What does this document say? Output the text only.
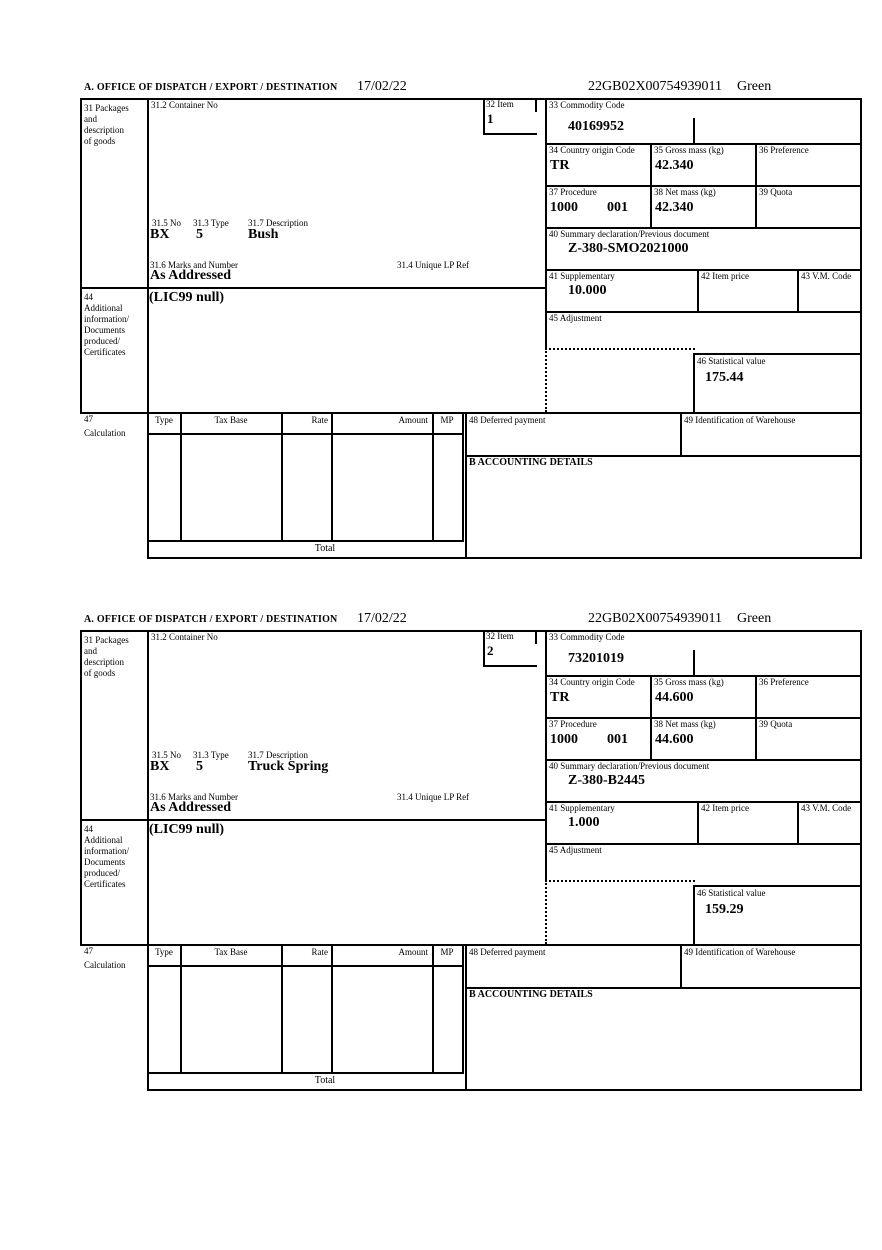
A. OFFICE OF DISPATCH / EXPORT / DESTINATION 17/02/22	22GB02X00754939011 Green
31 Packages
and
description
of goods
31.2 Container No
BX
31.5 No 31.3 Type 31.7 Description
5	Bush
31.6 Marks and Number	31.4 Unique LP Ref
As Addressed
32 Item
1
33 Commodity Code
40169952
34 Country origin Code
TR
35 Gross mass (kg)
42.340
36 Preference
37 Procedure
1000 001
38 Net mass (kg)
42.340
39 Quota
40 Summary declaration/Previous document
Z-380-SMO2021000
41 Supplementary
10.000
42 Item price	43 V.M. Code
45 Adjustment
46 Statistical value
175.44
44
Additional
information/
Documents
produced/
Certificates
(LIC99 null)
47
Calculation
Type	Tax Base	Rate	Amount	MP
Total
48 Deferred payment	49 Identification of Warehouse
B ACCOUNTING DETAILS
A. OFFICE OF DISPATCH / EXPORT / DESTINATION 17/02/22	22GB02X00754939011 Green
31 Packages
and
description
of goods
31.2 Container No
BX
31.5 No 31.3 Type 31.7 Description
5	Truck Spring
31.6 Marks and Number	31.4 Unique LP Ref
As Addressed
32 Item
2
33 Commodity Code
73201019
34 Country origin Code
TR
35 Gross mass (kg)
44.600
36 Preference
37 Procedure
1000 001
38 Net mass (kg)
44.600
39 Quota
40 Summary declaration/Previous document
Z-380-B2445
41 Supplementary
1.000
42 Item price	43 V.M. Code
45 Adjustment
46 Statistical value
159.29
44
Additional
information/
Documents
produced/
Certificates
(LIC99 null)
47
Calculation
Type	Tax Base	Rate	Amount	MP
Total
48 Deferred payment	49 Identification of Warehouse
B ACCOUNTING DETAILS
